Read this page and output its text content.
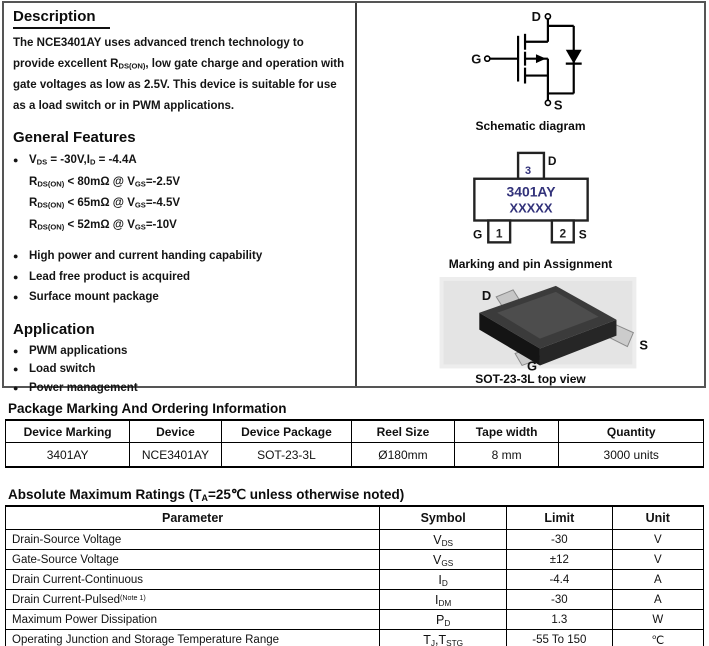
Description

The NCE3401AY uses advanced trench technology to provide excellent $R_{DS(ON)}$, low gate charge and operation with gate voltages as low as 2.5V. This device is suitable for use as a load switch or in PWM applications.

General Features
● $V_{DS} = -30V,I_D = -4.4A$
$R_{DS(ON)} < 80m\Omega$ @ $V_{GS}=-2.5V$
$R_{DS(ON)} < 65m\Omega$ @ $V_{GS}=-4.5V$
$R_{DS(ON)} < 52m\Omega$ @ $V_{GS}=-10V$
● High power and current handing capability
● Lead free product is acquired
● Surface mount package
Application
● PWM applications
● Load switch
● Power management
D
G
S
Schematic diagram
3
D
3401AY
XXXXX
1	2
G	S
Marking and pin Assignment
D
S
G
SOT-23-3L top view
Package Marking And Ordering Information
Device Marking	Device	Device Package	Reel Size	Tape width	Quantity
3401AY	NCE3401AY	SOT-23-3L	Ø180mm	8 mm	3000 units
Absolute Maximum Ratings ($T_A=25℃$ unless otherwise noted)
Parameter	Symbol	Limit	Unit
Drain-Source Voltage	$V_{DS}$	-30	V
Gate-Source Voltage	$V_{GS}$	±12	V
Drain Current-Continuous	$I_D$	-4.4	A
Drain Current-Pulsed$^{(Note 1)}$	$I_{DM}$	-30	A
Maximum Power Dissipation	$P_D$	1.3	W
Operating Junction and Storage Temperature Range	$T_J,T_{STG}$	-55 To 150	℃
